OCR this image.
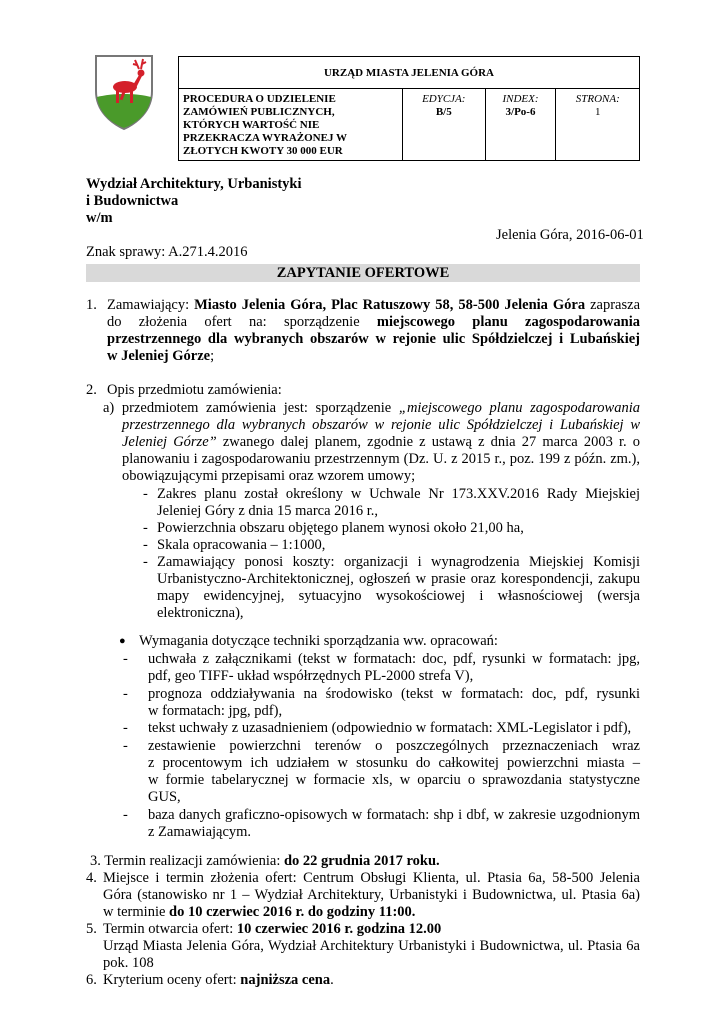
URZĄD MIASTA JELENIA GÓRA

PROCEDURA O UDZIELENIE
ZAMÓWIEŃ PUBLICZNYCH,
KTÓRYCH WARTOŚĆ NIE
PRZEKRACZA WYRAŻONEJ W
ZŁOTYCH KWOTY 30 000 EUR

EDYCJA:
B/5

INDEX:
3/Po-6

STRONA:
1
Wydział Architektury, Urbanistyki
i Budownictwa
w/m
Jelenia Góra, 2016-06-01
Znak sprawy: A.271.4.2016
ZAPYTANIE OFERTOWE
1. Zamawiający: Miasto Jelenia Góra, Plac Ratuszowy 58, 58-500 Jelenia Góra zaprasza
do złożenia ofert na: sporządzenie miejscowego planu zagospodarowania
przestrzennego dla wybranych obszarów w rejonie ulic Spółdzielczej i Lubańskiej
w Jeleniej Górze;
2. Opis przedmiotu zamówienia:
a) przedmiotem zamówienia jest: sporządzenie „miejscowego planu zagospodarowania
przestrzennego dla wybranych obszarów w rejonie ulic Spółdzielczej i Lubańskiej w
Jeleniej Górze” zwanego dalej planem, zgodnie z ustawą z dnia 27 marca 2003 r. o
planowaniu i zagospodarowaniu przestrzennym (Dz. U. z 2015 r., poz. 199 z późn. zm.),
obowiązującymi przepisami oraz wzorem umowy;
- Zakres planu został określony w Uchwale Nr 173.XXV.2016 Rady Miejskiej
Jeleniej Góry z dnia 15 marca 2016 r.,
- Powierzchnia obszaru objętego planem wynosi około 21,00 ha,
- Skala opracowania – 1:1000,
- Zamawiający ponosi koszty: organizacji i wynagrodzenia Miejskiej Komisji
Urbanistyczno-Architektonicznej, ogłoszeń w prasie oraz korespondencji, zakupu
mapy ewidencyjnej, sytuacyjno wysokościowej i własnościowej (wersja
elektroniczna),
● Wymagania dotyczące techniki sporządzania ww. opracowań:
- uchwała z załącznikami (tekst w formatach: doc, pdf, rysunki w formatach: jpg,
pdf, geo TIFF- układ współrzędnych PL-2000 strefa V),
- prognoza oddziaływania na środowisko (tekst w formatach: doc, pdf, rysunki
w formatach: jpg, pdf),
- tekst uchwały z uzasadnieniem (odpowiednio w formatach: XML-Legislator i pdf),
- zestawienie powierzchni terenów o poszczególnych przeznaczeniach wraz
z procentowym ich udziałem w stosunku do całkowitej powierzchni miasta –
w formie tabelarycznej w formacie xls, w oparciu o sprawozdania statystyczne
GUS,
- baza danych graficzno-opisowych w formatach: shp i dbf, w zakresie uzgodnionym
z Zamawiającym.
3. Termin realizacji zamówienia: do 22 grudnia 2017 roku.
4. Miejsce i termin złożenia ofert: Centrum Obsługi Klienta, ul. Ptasia 6a, 58-500 Jelenia
Góra (stanowisko nr 1 – Wydział Architektury, Urbanistyki i Budownictwa, ul. Ptasia 6a)
w terminie do 10 czerwiec 2016 r. do godziny 11:00.
5. Termin otwarcia ofert: 10 czerwiec 2016 r. godzina 12.00
Urząd Miasta Jelenia Góra, Wydział Architektury Urbanistyki i Budownictwa, ul. Ptasia 6a
pok. 108
6. Kryterium oceny ofert: najniższa cena.
